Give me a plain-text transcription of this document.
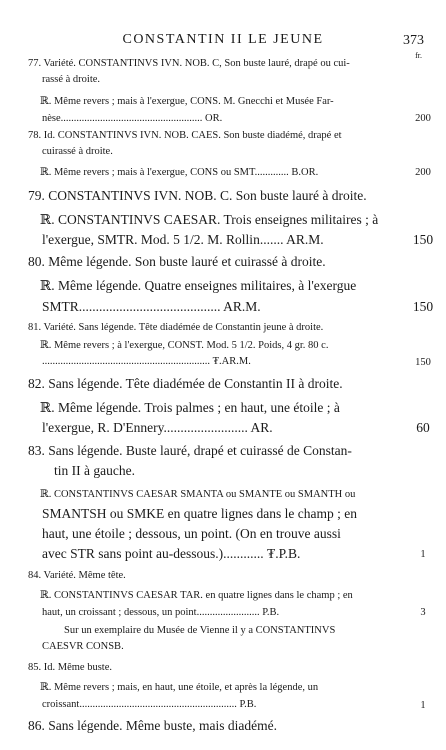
CONSTANTIN II LE JEUNE	373
fr.
77. Variété. CONSTANTINVS IVN. NOB. C, Son buste lauré, drapé ou cui-
rassé à droite.
ℝ. Même revers ; mais à l'exergue, CONS. M. Gnecchi et Musée Far-
nèse...................................................... OR.	200
78. Id. CONSTANTINVS IVN. NOB. CAES. Son buste diadémé, drapé et
cuirassé à droite.
ℝ. Même revers ; mais à l'exergue, CONS ou SMT............. B.OR.	200
79. CONSTANTINVS IVN. NOB. C. Son buste lauré à droite.
ℝ. CONSTANTINVS CAESAR. Trois enseignes militaires ; à
l'exergue, SMTR. Mod. 5 1/2. M. Rollin....... AR.M.	150
80. Même légende. Son buste lauré et cuirassé à droite.
ℝ. Même légende. Quatre enseignes militaires, à l'exergue
SMTR.......................................... AR.M.	150
81. Variété. Sans légende. Tête diadémée de Constantin jeune à droite.
ℝ. Même revers ; à l'exergue, CONST. Mod. 5 1/2. Poids, 4 gr. 80 c.
................................................................ ₮.AR.M.	150
82. Sans légende. Tête diadémée de Constantin II à droite.
ℝ. Même légende. Trois palmes ; en haut, une étoile ; à
l'exergue, R. D'Ennery......................... AR.	60
83. Sans légende. Buste lauré, drapé et cuirassé de Constan-
tin II à gauche.
ℝ. CONSTANTINVS CAESAR SMANTA ou SMANTE ou SMANTH ou
SMANTSH ou SMKE en quatre lignes dans le champ ; en
haut, une étoile ; dessous, un point. (On en trouve aussi
avec STR sans point au-dessous.)............ ₮.P.B.	1
84. Variété. Même tête.
ℝ. CONSTANTINVS CAESAR TAR. en quatre lignes dans le champ ; en
haut, un croissant ; dessous, un point........................ P.B.	3
Sur un exemplaire du Musée de Vienne il y a CONSTANTINVS
CAESVR CONSB.
85. Id. Même buste.
ℝ. Même revers ; mais, en haut, une étoile, et après la légende, un
croissant............................................................ P.B.	1
86. Sans légende. Même buste, mais diadémé.
